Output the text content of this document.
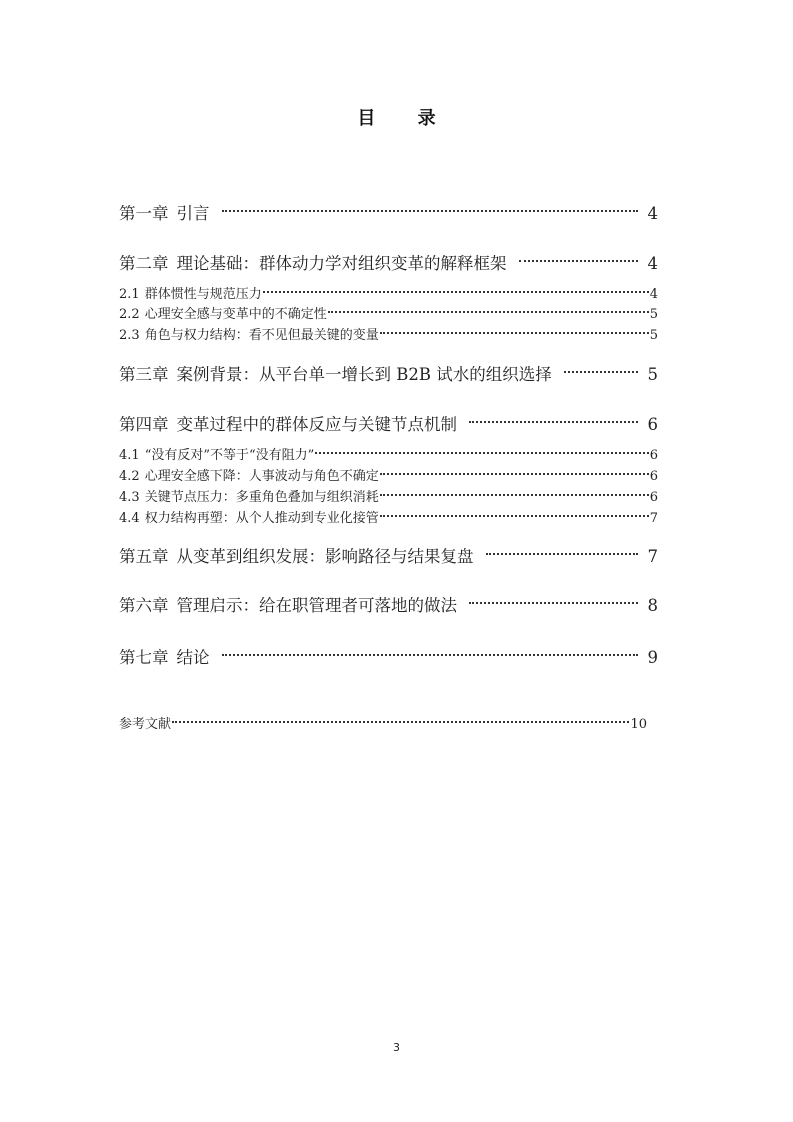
目 录
第一章 引言	4
第二章 理论基础：群体动力学对组织变革的解释框架	4
2.1 群体惯性与规范压力	4
2.2 心理安全感与变革中的不确定性	5
2.3 角色与权力结构：看不见但最关键的变量	5
第三章 案例背景：从平台单一增长到 B2B 试水的组织选择	5
第四章 变革过程中的群体反应与关键节点机制	6
4.1 “没有反对”不等于“没有阻力”	6
4.2 心理安全感下降：人事波动与角色不确定	6
4.3 关键节点压力：多重角色叠加与组织消耗	6
4.4 权力结构再塑：从个人推动到专业化接管	7
第五章 从变革到组织发展：影响路径与结果复盘	7
第六章 管理启示：给在职管理者可落地的做法	8
第七章 结论	9
参考文献	10
3
